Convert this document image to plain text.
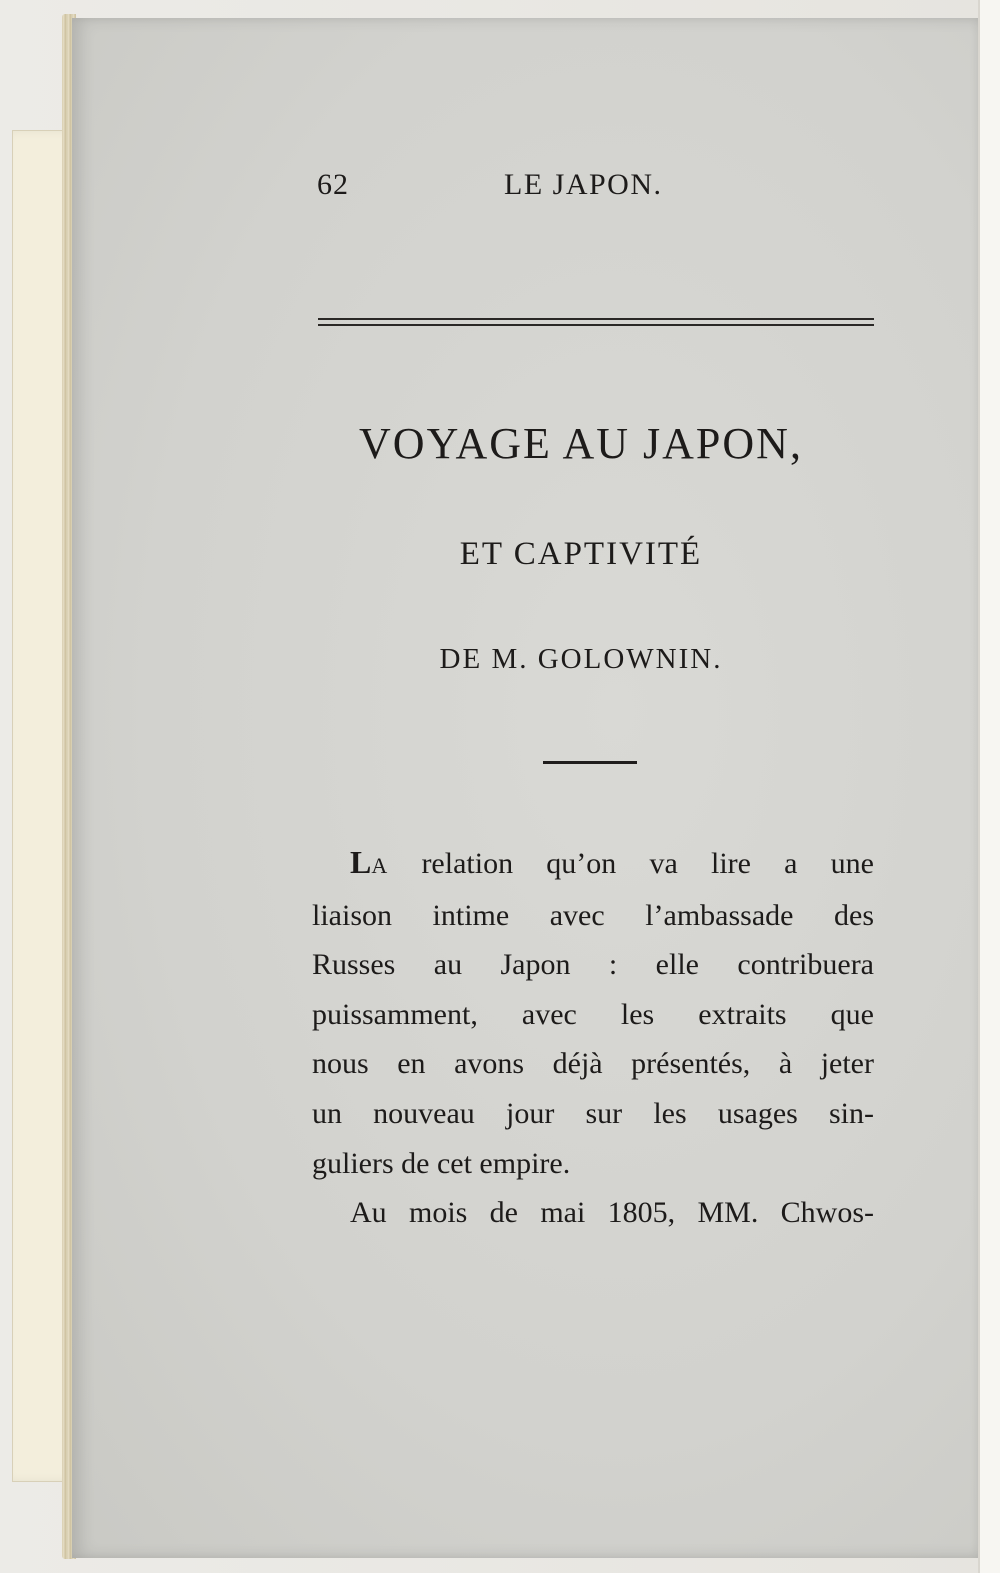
62	LE JAPON.
VOYAGE AU JAPON,
ET CAPTIVITÉ
DE M. GOLOWNIN.
LA relation qu’on va lire a une
liaison intime avec l’ambassade des
Russes au Japon : elle contribuera
puissamment, avec les extraits que
nous en avons déjà présentés, à jeter
un nouveau jour sur les usages sin-
guliers de cet empire.
Au mois de mai 1805, MM. Chwos-
